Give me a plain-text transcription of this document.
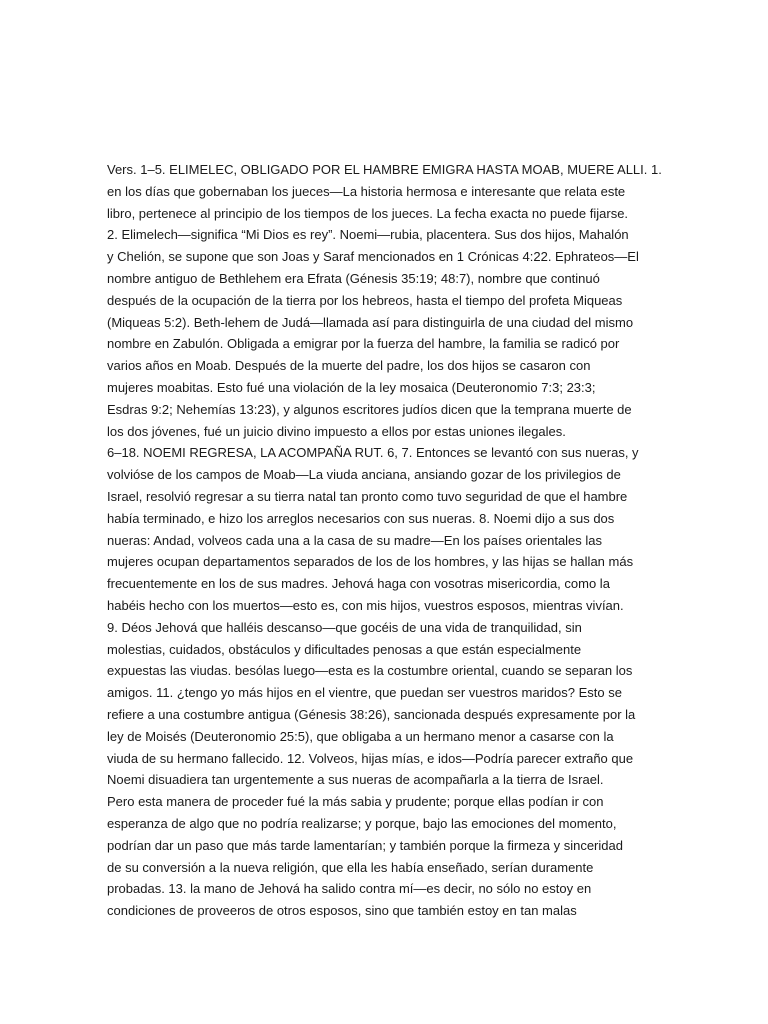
Vers. 1–5. ELIMELEC, OBLIGADO POR EL HAMBRE EMIGRA HASTA MOAB, MUERE ALLI. 1.
en los días que gobernaban los jueces—La historia hermosa e interesante que relata este
libro, pertenece al principio de los tiempos de los jueces. La fecha exacta no puede fijarse.
2. Elimelech—significa “Mi Dios es rey”. Noemi—rubia, placentera. Sus dos hijos, Mahalón
y Chelión, se supone que son Joas y Saraf mencionados en 1 Crónicas 4:22. Ephrateos—El
nombre antiguo de Bethlehem era Efrata (Génesis 35:19; 48:7), nombre que continuó
después de la ocupación de la tierra por los hebreos, hasta el tiempo del profeta Miqueas
(Miqueas 5:2). Beth-lehem de Judá—llamada así para distinguirla de una ciudad del mismo
nombre en Zabulón. Obligada a emigrar por la fuerza del hambre, la familia se radicó por
varios años en Moab. Después de la muerte del padre, los dos hijos se casaron con
mujeres moabitas. Esto fué una violación de la ley mosaica (Deuteronomio 7:3; 23:3;
Esdras 9:2; Nehemías 13:23), y algunos escritores judíos dicen que la temprana muerte de
los dos jóvenes, fué un juicio divino impuesto a ellos por estas uniones ilegales.
6–18. NOEMI REGRESA, LA ACOMPAÑA RUT. 6, 7. Entonces se levantó con sus nueras, y
volvióse de los campos de Moab—La viuda anciana, ansiando gozar de los privilegios de
Israel, resolvió regresar a su tierra natal tan pronto como tuvo seguridad de que el hambre
había terminado, e hizo los arreglos necesarios con sus nueras. 8. Noemi dijo a sus dos
nueras: Andad, volveos cada una a la casa de su madre—En los países orientales las
mujeres ocupan departamentos separados de los de los hombres, y las hijas se hallan más
frecuentemente en los de sus madres. Jehová haga con vosotras misericordia, como la
habéis hecho con los muertos—esto es, con mis hijos, vuestros esposos, mientras vivían.
9. Déos Jehová que halléis descanso—que gocéis de una vida de tranquilidad, sin
molestias, cuidados, obstáculos y dificultades penosas a que están especialmente
expuestas las viudas. besólas luego—esta es la costumbre oriental, cuando se separan los
amigos. 11. ¿tengo yo más hijos en el vientre, que puedan ser vuestros maridos? Esto se
refiere a una costumbre antigua (Génesis 38:26), sancionada después expresamente por la
ley de Moisés (Deuteronomio 25:5), que obligaba a un hermano menor a casarse con la
viuda de su hermano fallecido. 12. Volveos, hijas mías, e idos—Podría parecer extraño que
Noemi disuadiera tan urgentemente a sus nueras de acompañarla a la tierra de Israel.
Pero esta manera de proceder fué la más sabia y prudente; porque ellas podían ir con
esperanza de algo que no podría realizarse; y porque, bajo las emociones del momento,
podrían dar un paso que más tarde lamentarían; y también porque la firmeza y sinceridad
de su conversión a la nueva religión, que ella les había enseñado, serían duramente
probadas. 13. la mano de Jehová ha salido contra mí—es decir, no sólo no estoy en
condiciones de proveeros de otros esposos, sino que también estoy en tan malas
